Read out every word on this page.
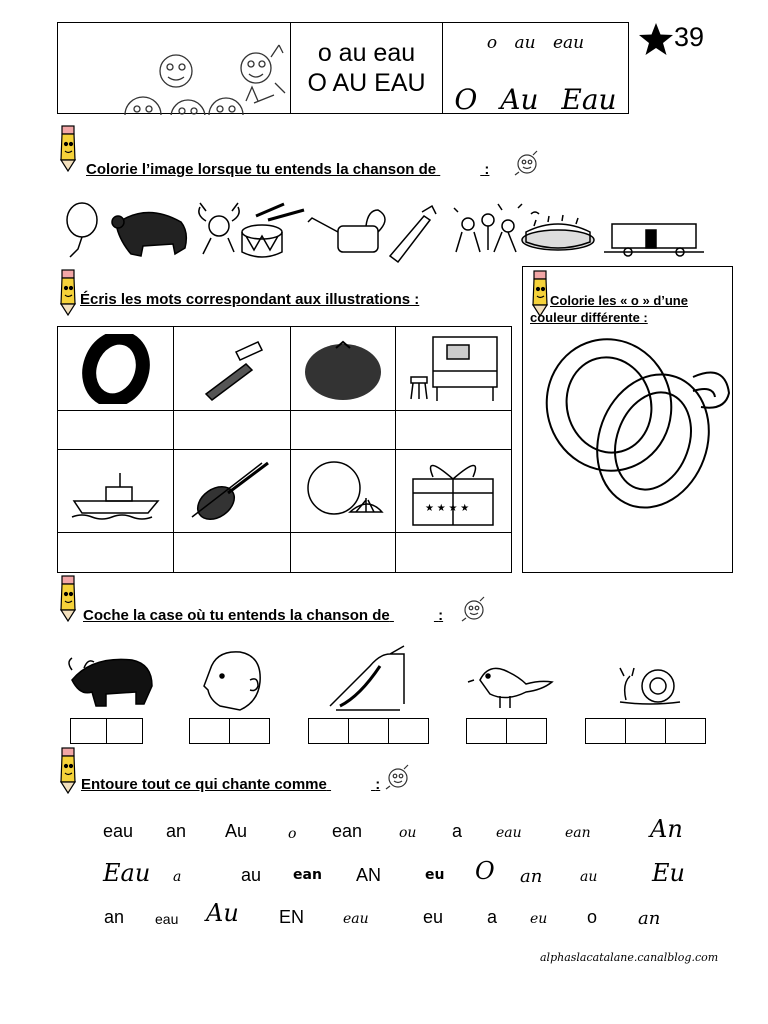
o au eau
O AU EAU
o au eau
O Au Eau
39
Colorie l’image lorsque tu entends la chanson de	:
Écris les mots correspondant aux illustrations :

★ ★ ★ ★

Colorie les « o » d’une
couleur différente :
Coche la case où tu entends la chanson de	:
Entoure tout ce qui chante comme	:
eau an Au	o ean	ou a eau	ean An
Eau a	au ean AN	eu O an	au Eu
an eau Au EN	eau	eu a eu o an
alphaslacatalane.canalblog.com
